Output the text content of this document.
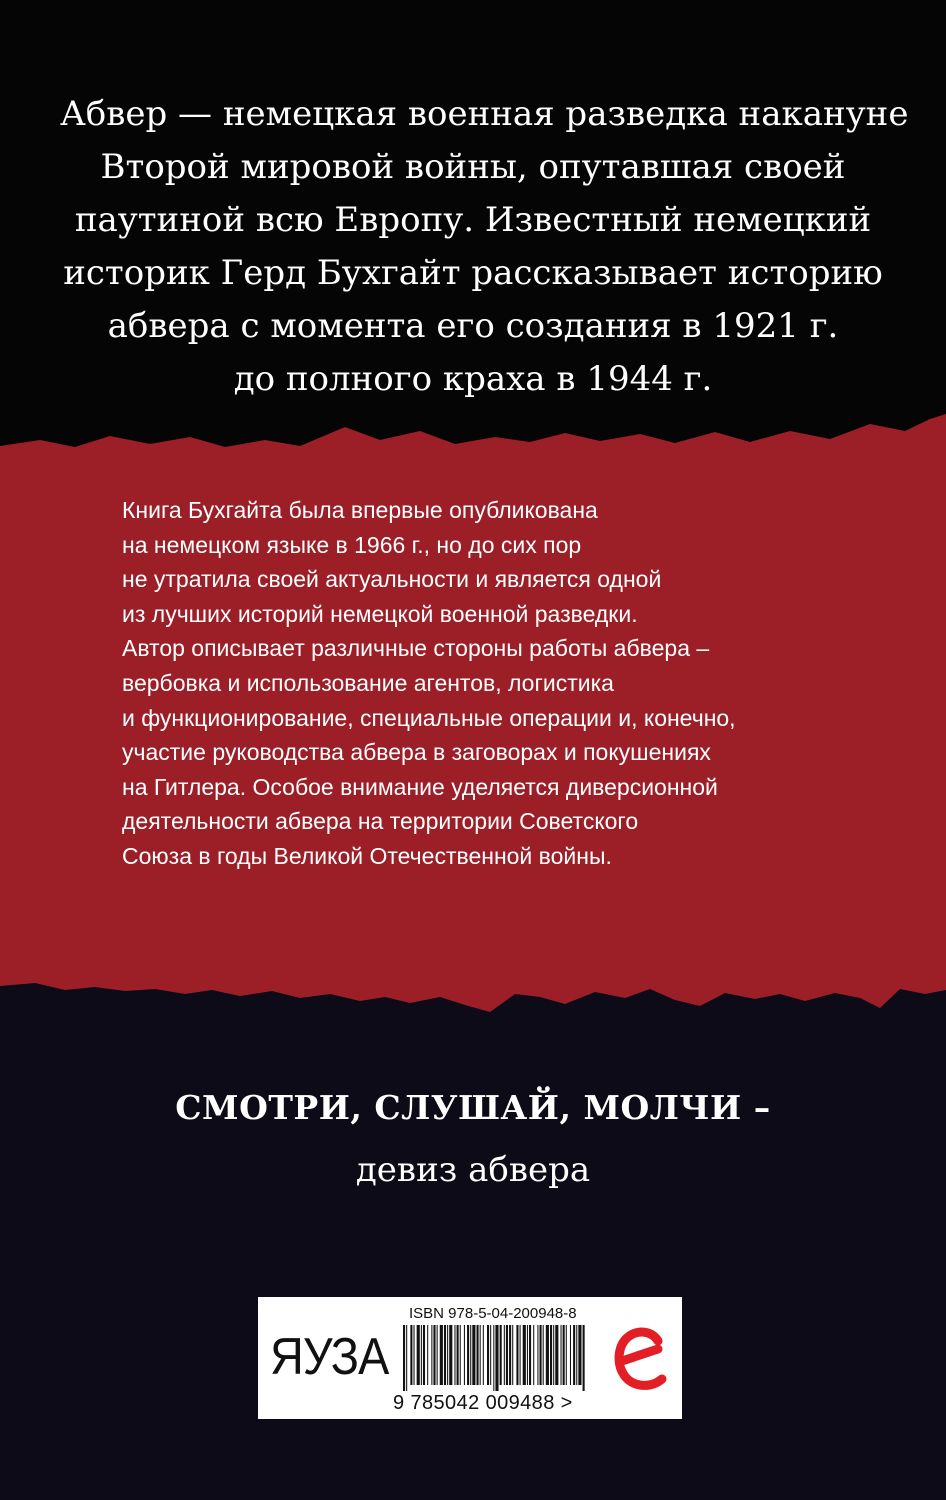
Абвер — немецкая военная разведка накануне
Второй мировой войны, опутавшая своей
паутиной всю Европу. Известный немецкий
историк Герд Бухгайт рассказывает историю
абвера с момента его создания в 1921 г.
до полного краха в 1944 г.

Книга Бухгайта была впервые опубликована
на немецком языке в 1966 г., но до сих пор
не утратила своей актуальности и является одной
из лучших историй немецкой военной разведки.
Автор описывает различные стороны работы абвера –
вербовка и использование агентов, логистика
и функционирование, специальные операции и, конечно,
участие руководства абвера в заговорах и покушениях
на Гитлера. Особое внимание уделяется диверсионной
деятельности абвера на территории Советского
Союза в годы Великой Отечественной войны.

СМОТРИ, СЛУШАЙ, МОЛЧИ –

девиз абвера

ЯУЗА
ISBN 978-5-04-200948-8
9 785042 009488 >
